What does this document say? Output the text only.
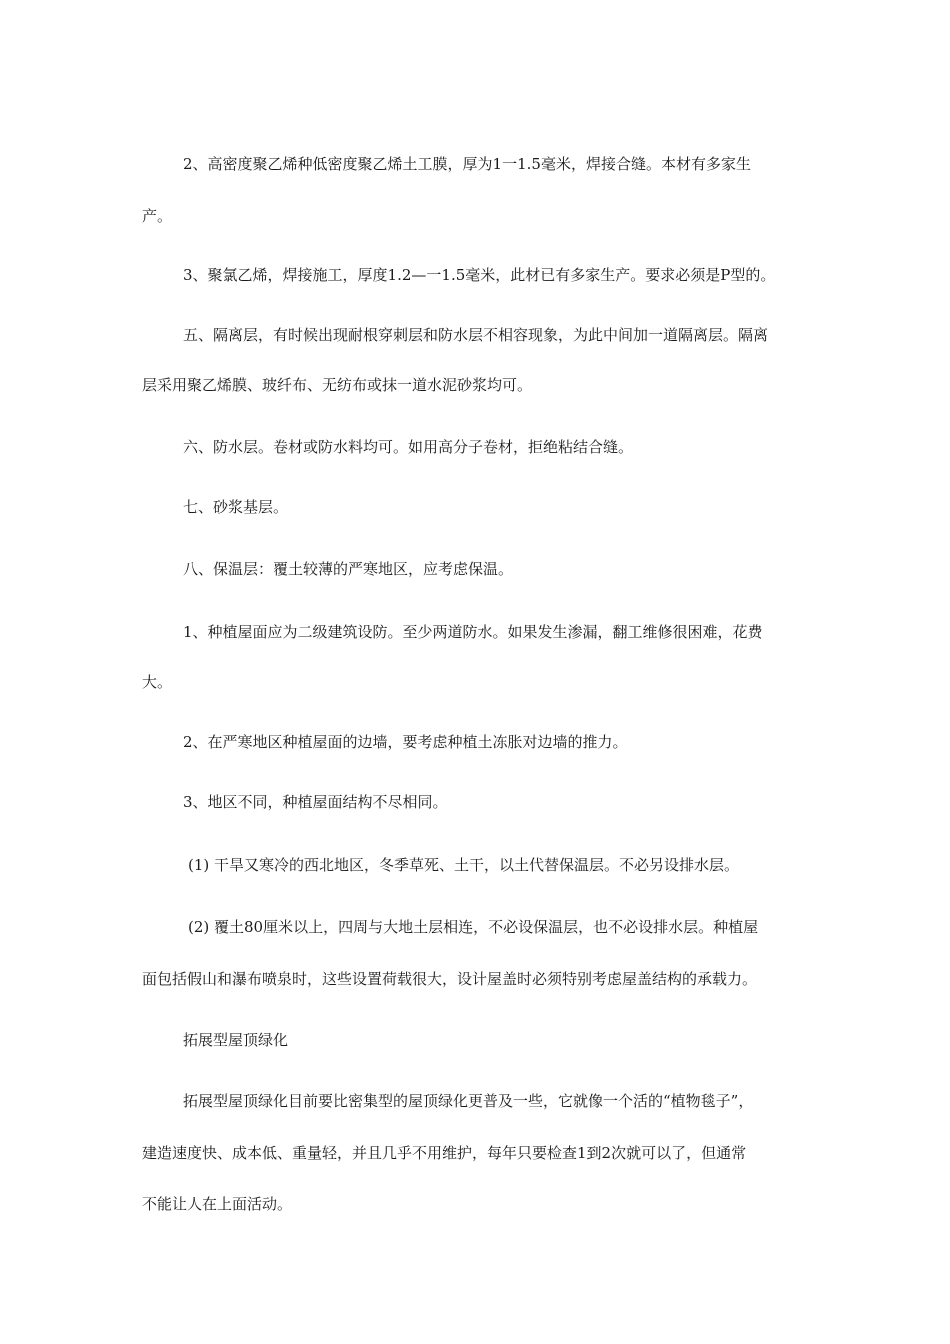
2、高密度聚乙烯种低密度聚乙烯土工膜，厚为1一1.5毫米，焊接合缝。本材有多家生
产。
3、聚氯乙烯，焊接施工，厚度1.2—一1.5毫米，此材已有多家生产。要求必须是P型的。
五、隔离层，有时候出现耐根穿刺层和防水层不相容现象，为此中间加一道隔离层。隔离
层采用聚乙烯膜、玻纤布、无纺布或抹一道水泥砂浆均可。
六、防水层。卷材或防水料均可。如用高分子卷材，拒绝粘结合缝。
七、砂浆基层。
八、保温层：覆土较薄的严寒地区，应考虑保温。
1、种植屋面应为二级建筑设防。至少两道防水。如果发生渗漏，翻工维修很困难，花费
大。
2、在严寒地区种植屋面的边墙，要考虑种植土冻胀对边墙的推力。
3、地区不同，种植屋面结构不尽相同。
(1) 干旱又寒冷的西北地区，冬季草死、土干，以土代替保温层。不必另设排水层。
(2) 覆土80厘米以上，四周与大地土层相连，不必设保温层，也不必设排水层。种植屋
面包括假山和瀑布喷泉时，这些设置荷载很大，设计屋盖时必须特别考虑屋盖结构的承载力。
拓展型屋顶绿化
拓展型屋顶绿化目前要比密集型的屋顶绿化更普及一些，它就像一个活的“植物毯子”，
建造速度快、成本低、重量轻，并且几乎不用维护，每年只要检查1到2次就可以了，但通常
不能让人在上面活动。
